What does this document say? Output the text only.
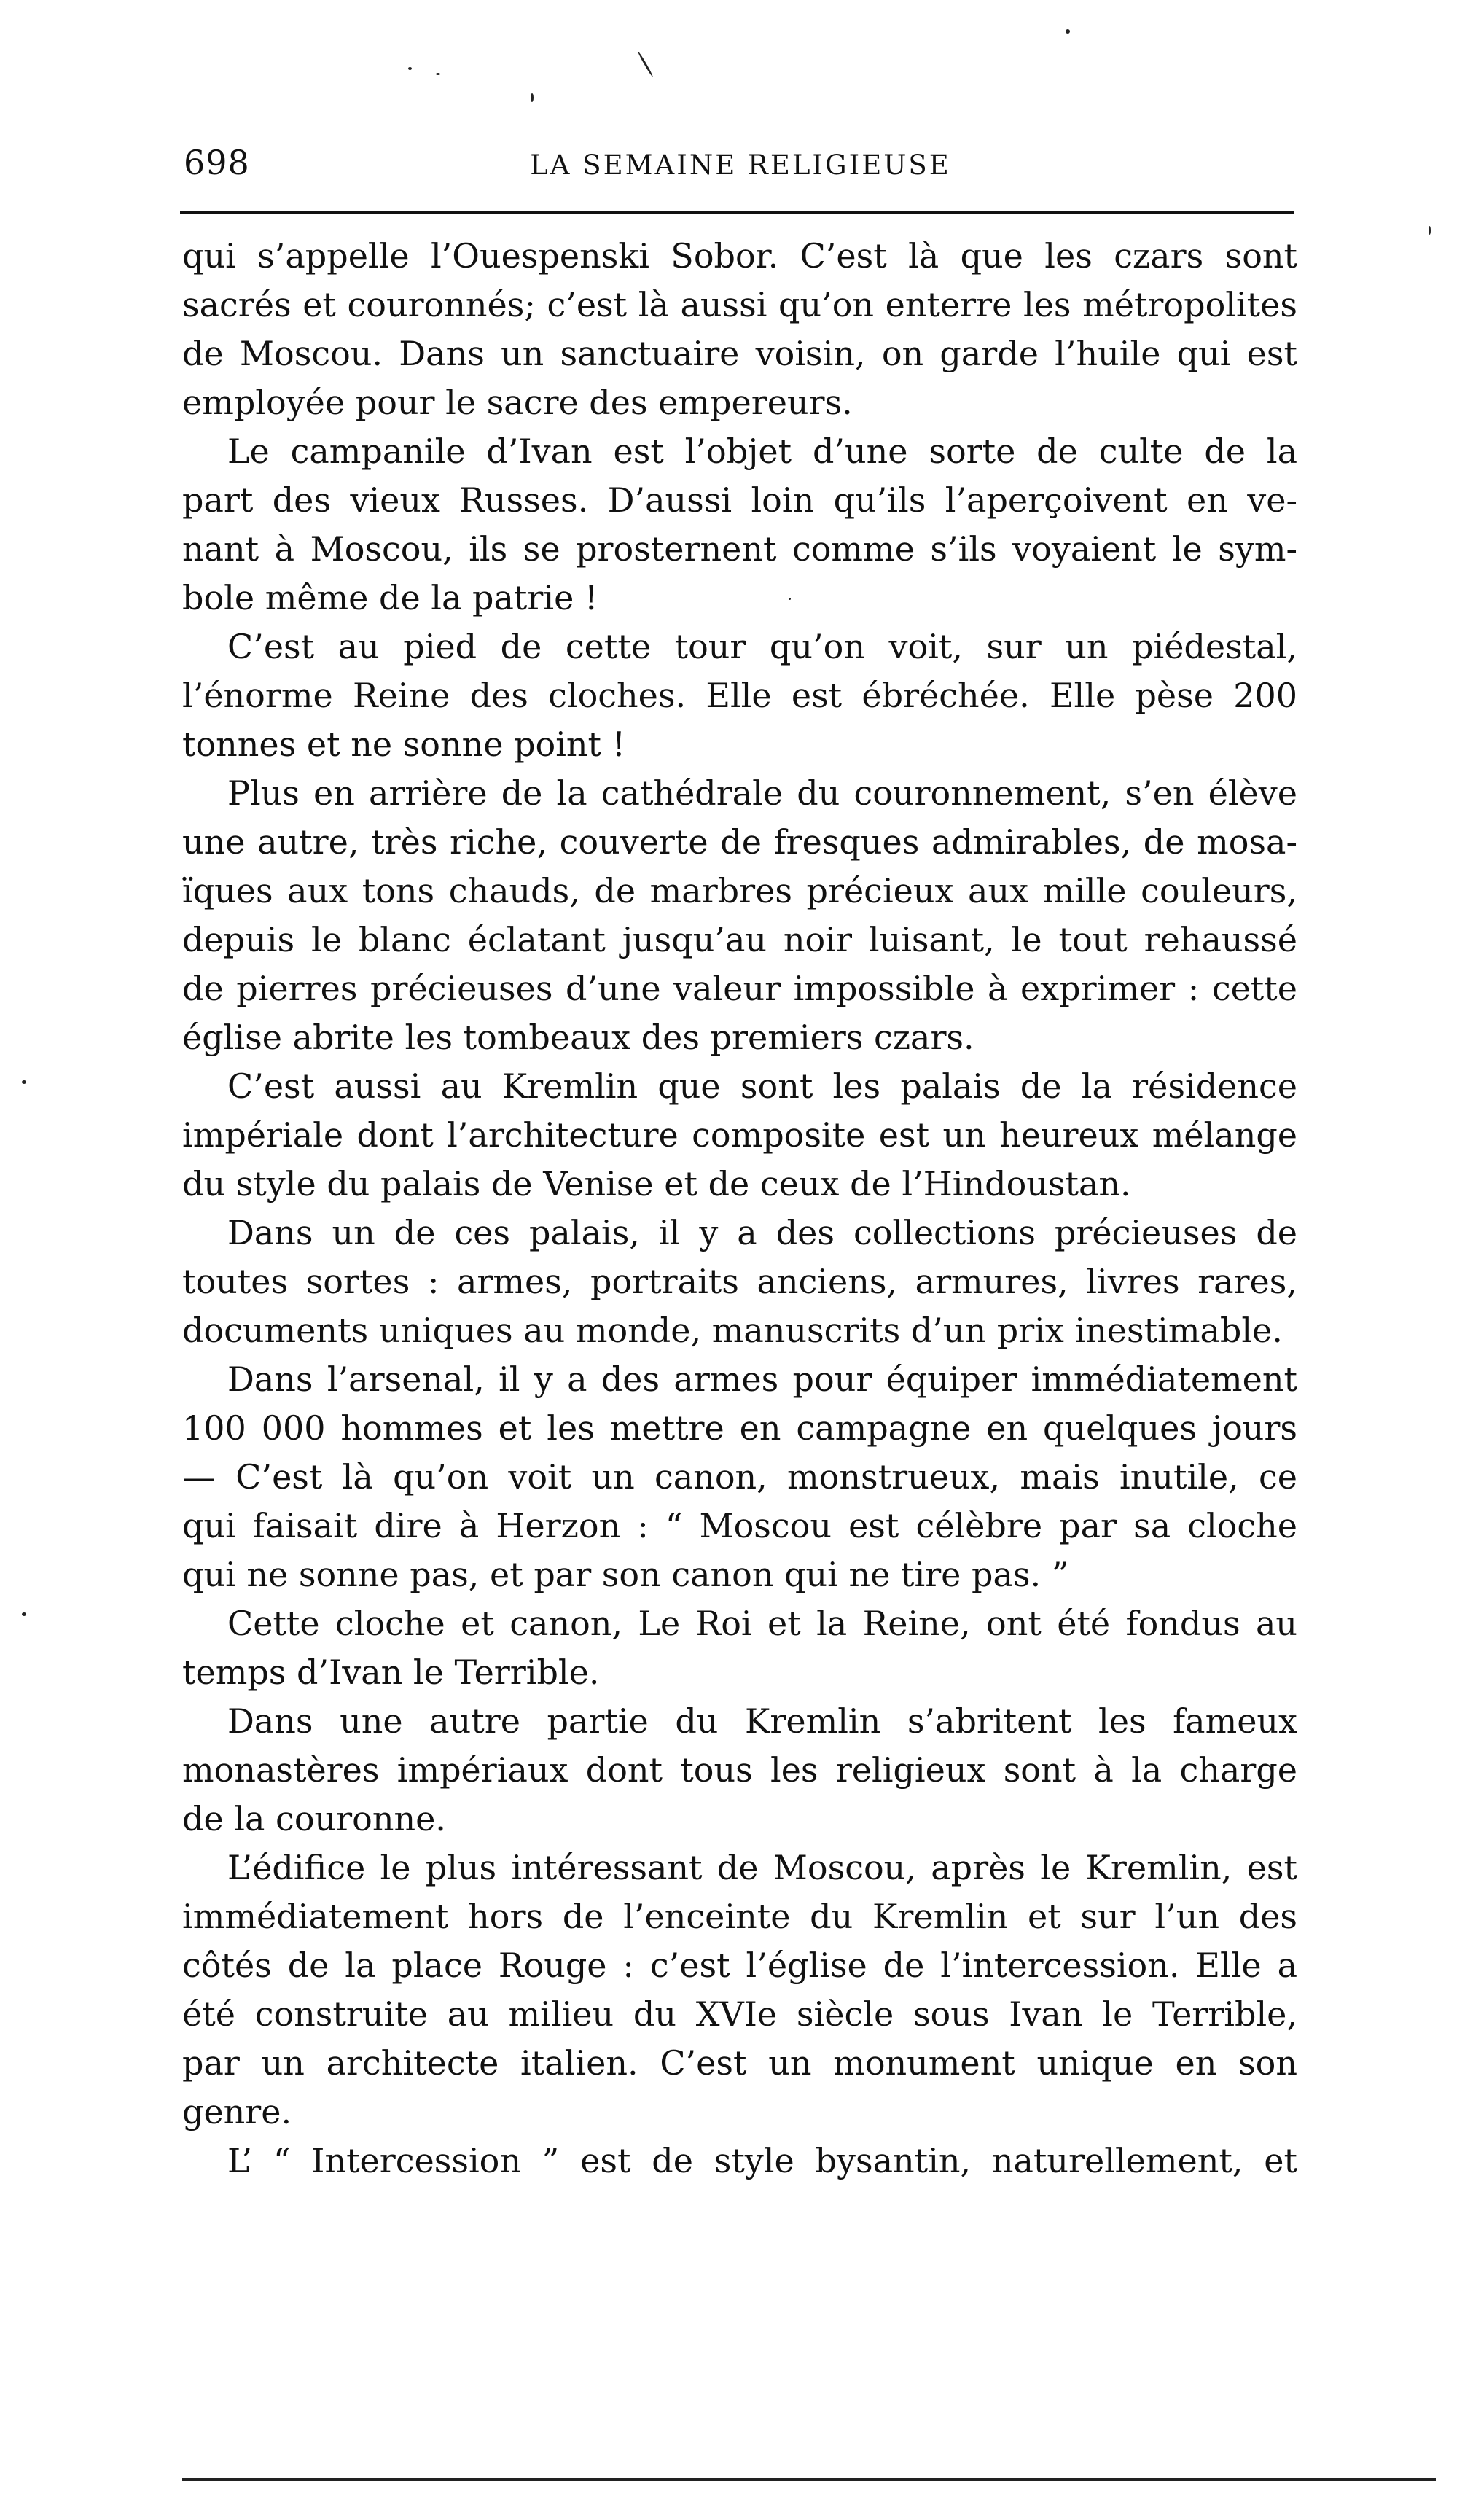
698	LA SEMAINE RELIGIEUSE
qui s’appelle l’Ouespenski Sobor. C’est là que les czars sont
sacrés et couronnés; c’est là aussi qu’on enterre les métropolites
de Moscou. Dans un sanctuaire voisin, on garde l’huile qui est
employée pour le sacre des empereurs.
Le campanile d’Ivan est l’objet d’une sorte de culte de la
part des vieux Russes. D’aussi loin qu’ils l’aperçoivent en ve-
nant à Moscou, ils se prosternent comme s’ils voyaient le sym-
bole même de la patrie !
C’est au pied de cette tour qu’on voit, sur un piédestal,
l’énorme Reine des cloches. Elle est ébréchée. Elle pèse 200
tonnes et ne sonne point !
Plus en arrière de la cathédrale du couronnement, s’en élève
une autre, très riche, couverte de fresques admirables, de mosa-
ïques aux tons chauds, de marbres précieux aux mille couleurs,
depuis le blanc éclatant jusqu’au noir luisant, le tout rehaussé
de pierres précieuses d’une valeur impossible à exprimer : cette
église abrite les tombeaux des premiers czars.
C’est aussi au Kremlin que sont les palais de la résidence
impériale dont l’architecture composite est un heureux mélange
du style du palais de Venise et de ceux de l’Hindoustan.
Dans un de ces palais, il y a des collections précieuses de
toutes sortes : armes, portraits anciens, armures, livres rares,
documents uniques au monde, manuscrits d’un prix inestimable.
Dans l’arsenal, il y a des armes pour équiper immédiatement
100 000 hommes et les mettre en campagne en quelques jours
— C’est là qu’on voit un canon, monstrueux, mais inutile, ce
qui faisait dire à Herzon : “ Moscou est célèbre par sa cloche
qui ne sonne pas, et par son canon qui ne tire pas. ”
Cette cloche et canon, Le Roi et la Reine, ont été fondus au
temps d’Ivan le Terrible.
Dans une autre partie du Kremlin s’abritent les fameux
monastères impériaux dont tous les religieux sont à la charge
de la couronne.
L’édifice le plus intéressant de Moscou, après le Kremlin, est
immédiatement hors de l’enceinte du Kremlin et sur l’un des
côtés de la place Rouge : c’est l’église de l’intercession. Elle a
été construite au milieu du XVIe siècle sous Ivan le Terrible,
par un architecte italien. C’est un monument unique en son
genre.
L’ “ Intercession ” est de style bysantin, naturellement, et
